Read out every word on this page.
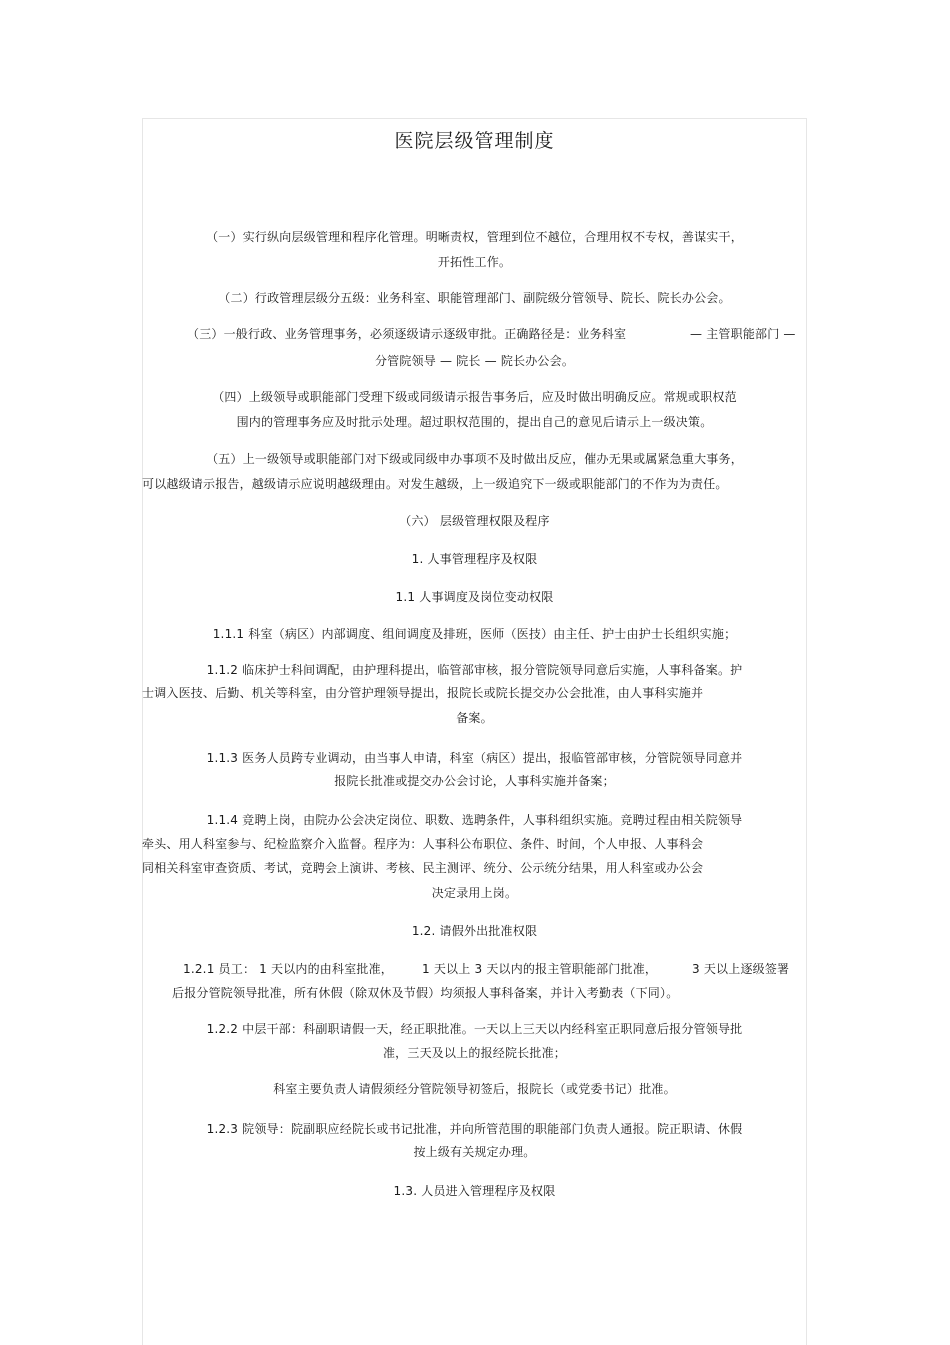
医院层级管理制度
（一）实行纵向层级管理和程序化管理。明晰责权，管理到位不越位，合理用权不专权，善谋实干，
开拓性工作。
（二）行政管理层级分五级：业务科室、职能管理部门、副院级分管领导、院长、院长办公会。
（三）一般行政、业务管理事务，必须逐级请示逐级审批。正确路径是：业务科室	— 主管职能部门 —
分管院领导 — 院长 — 院长办公会。
（四）上级领导或职能部门受理下级或同级请示报告事务后，应及时做出明确反应。常规或职权范
围内的管理事务应及时批示处理。超过职权范围的，提出自己的意见后请示上一级决策。
（五）上一级领导或职能部门对下级或同级申办事项不及时做出反应，催办无果或属紧急重大事务，
可以越级请示报告，越级请示应说明越级理由。对发生越级，上一级追究下一级或职能部门的不作为为责任。
（六） 层级管理权限及程序
1. 人事管理程序及权限
1.1 人事调度及岗位变动权限
1.1.1 科室（病区）内部调度、组间调度及排班，医师（医技）由主任、护士由护士长组织实施；
1.1.2 临床护士科间调配，由护理科提出，临管部审核，报分管院领导同意后实施，人事科备案。护
士调入医技、后勤、机关等科室，由分管护理领导提出，报院长或院长提交办公会批准，由人事科实施并
备案。
1.1.3 医务人员跨专业调动，由当事人申请，科室（病区）提出，报临管部审核，分管院领导同意并
报院长批准或提交办公会讨论，人事科实施并备案；
1.1.4 竞聘上岗，由院办公会决定岗位、职数、选聘条件，人事科组织实施。竞聘过程由相关院领导
牵头、用人科室参与、纪检监察介入监督。程序为：人事科公布职位、条件、时间，个人申报、人事科会
同相关科室审查资质、考试，竞聘会上演讲、考核、民主测评、统分、公示统分结果，用人科室或办公会
决定录用上岗。
1.2. 请假外出批准权限
1.2.1 员工： 1 天以内的由科室批准， 1 天以上 3 天以内的报主管职能部门批准，	3 天以上逐级签署
后报分管院领导批准，所有休假（除双休及节假）均须报人事科备案，并计入考勤表（下同）。
1.2.2 中层干部：科副职请假一天，经正职批准。一天以上三天以内经科室正职同意后报分管领导批
准，三天及以上的报经院长批准；
科室主要负责人请假须经分管院领导初签后，报院长（或党委书记）批准。
1.2.3 院领导：院副职应经院长或书记批准，并向所管范围的职能部门负责人通报。院正职请、休假
按上级有关规定办理。
1.3. 人员进入管理程序及权限
